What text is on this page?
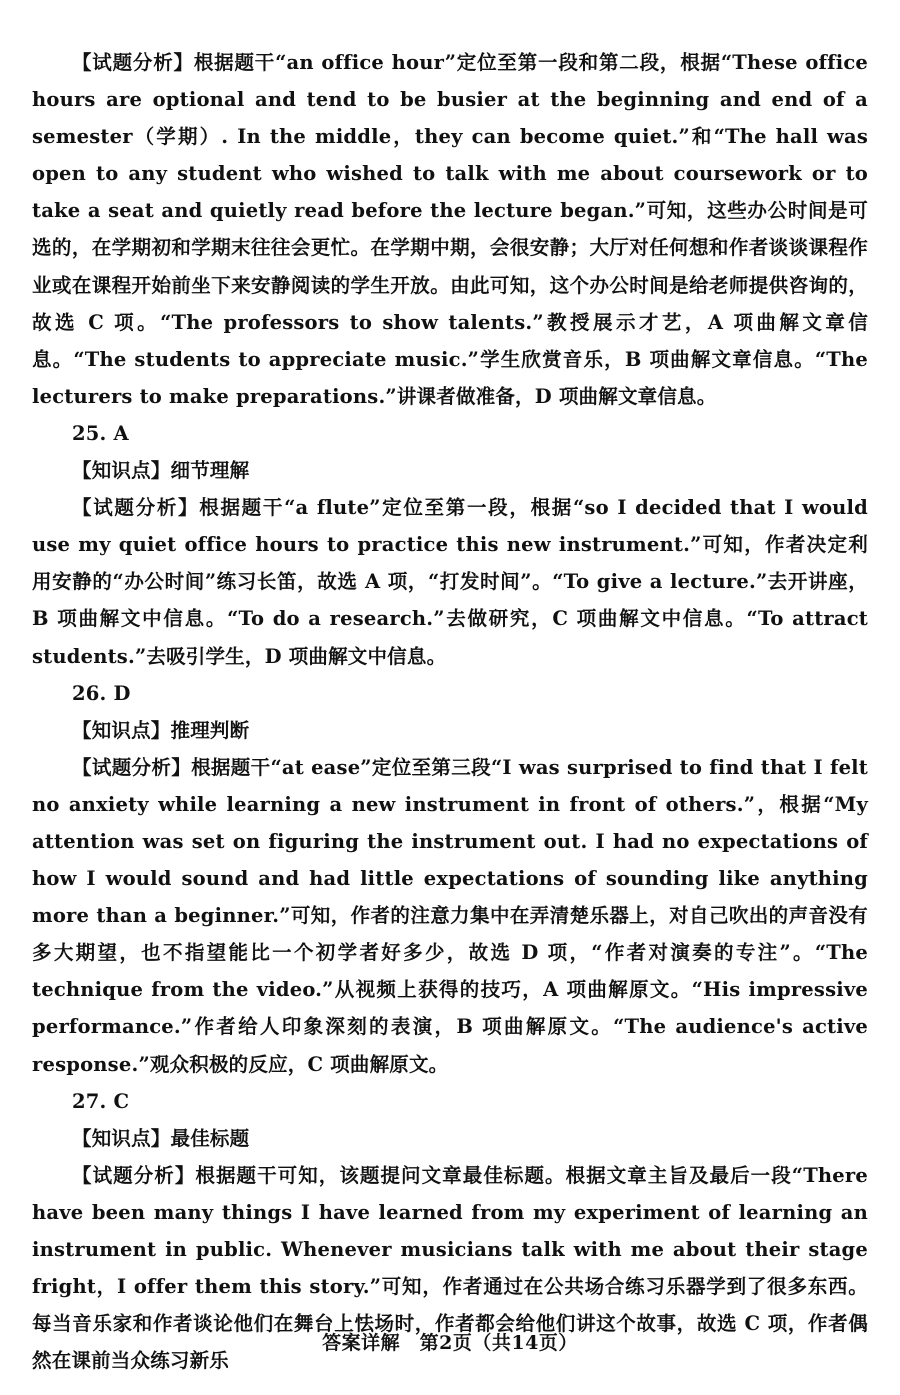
【试题分析】根据题干“an office hour”定位至第一段和第二段，根据“These office hours are optional and tend to be busier at the beginning and end of a semester（学期）. In the middle，they can become quiet.”和“The hall was open to any student who wished to talk with me about coursework or to take a seat and quietly read before the lecture began.”可知，这些办公时间是可选的，在学期初和学期末往往会更忙。在学期中期，会很安静；大厅对任何想和作者谈谈课程作业或在课程开始前坐下来安静阅读的学生开放。由此可知，这个办公时间是给老师提供咨询的，故选 C 项。“The professors to show talents.”教授展示才艺，A 项曲解文章信息。“The students to appreciate music.”学生欣赏音乐，B 项曲解文章信息。“The lecturers to make preparations.”讲课者做准备，D 项曲解文章信息。

25. A

【知识点】细节理解

【试题分析】根据题干“a flute”定位至第一段，根据“so I decided that I would use my quiet office hours to practice this new instrument.”可知，作者决定利用安静的“办公时间”练习长笛，故选 A 项，“打发时间”。“To give a lecture.”去开讲座，B 项曲解文中信息。“To do a research.”去做研究，C 项曲解文中信息。“To attract students.”去吸引学生，D 项曲解文中信息。

26. D

【知识点】推理判断

【试题分析】根据题干“at ease”定位至第三段“I was surprised to find that I felt no anxiety while learning a new instrument in front of others.”，根据“My attention was set on figuring the instrument out. I had no expectations of how I would sound and had little expectations of sounding like anything more than a beginner.”可知，作者的注意力集中在弄清楚乐器上，对自己吹出的声音没有多大期望，也不指望能比一个初学者好多少，故选 D 项，“作者对演奏的专注”。“The technique from the video.”从视频上获得的技巧，A 项曲解原文。“His impressive performance.”作者给人印象深刻的表演，B 项曲解原文。“The audience's active response.”观众积极的反应，C 项曲解原文。

27. C

【知识点】最佳标题

【试题分析】根据题干可知，该题提问文章最佳标题。根据文章主旨及最后一段“There have been many things I have learned from my experiment of learning an instrument in public. Whenever musicians talk with me about their stage fright，I offer them this story.”可知，作者通过在公共场合练习乐器学到了很多东西。每当音乐家和作者谈论他们在舞台上怯场时，作者都会给他们讲这个故事，故选 C 项，作者偶然在课前当众练习新乐

答案详解　第2页（共14页）
